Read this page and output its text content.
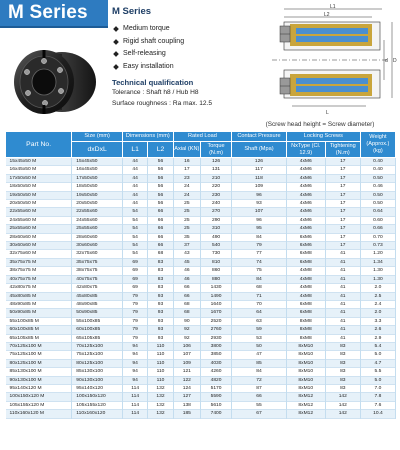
M Series	M Series
Medium torque
Rigid shaft coupling
Self-releasing
Easy installation
Technical qualification
Tolerance : Shaft h8 / Hub H8
Surface roughness : Ra max. 12.5
L1
L2
L
D
d
(Screw head height = Screw diameter)
Part No.	Size (mm)	Dimensions (mm)		Rated Load		Contact Pressure	Locking Screws		Weight (Approx.) (kg)
	dxDxL	L1	L2	Axial (KN)	Torque (N.m)	Shaft (Mpa)	NxType (Cl. 12.9)	Tightening (N.m)	
15x45x50 M	15x45x50	44	56	16	126	126	4xM6	17	0.40
16x45x50 M	16x45x50	44	56	17	131	117	4xM6	17	0.40
17x50x50 M	17x50x50	44	56	23	210	118	4xM6	17	0.50
18x50x50 M	18x50x50	44	56	24	220	109	4xM6	17	0.46
19x50x50 M	19x50x50	44	56	24	230	96	4xM6	17	0.50
20x50x50 M	20x50x50	44	56	25	240	93	4xM6	17	0.50
22x55x60 M	22x55x60	54	66	25	270	107	4xM6	17	0.64
24x55x60 M	24x55x60	54	66	25	290	96	4xM6	17	0.60
25x55x60 M	25x55x60	54	66	25	310	95	4xM6	17	0.66
28x60x60 M	28x60x60	54	66	35	490	84	6xM6	17	0.70
30x60x60 M	30x60x60	54	66	37	540	79	6xM6	17	0.73
32x75x60 M	32x75x60	54	68	43	730	77	6xM8	41	1.20
35x75x75 M	35x75x75	69	83	45	810	74	6xM8	41	1.34
38x75x75 M	38x75x75	69	83	46	860	75	4xM8	41	1.30
40x75x75 M	40x75x75	69	83	46	880	84	4xM8	41	1.30
42x80x75 M	42x80x75	69	83	66	1430	68	4xM8	41	2.0
45x80x85 M	45x80x85	79	93	66	1490	71	4xM8	41	2.5
48x90x85 M	48x90x85	79	93	68	1640	70	6xM8	41	2.4
50x90x85 M	50x90x85	79	93	68	1670	64	6xM8	41	2.0
55x100x85 M	55x100x85	79	93	90	2520	63	8xM8	41	3.3
60x100x85 M	60x100x85	79	93	92	2760	59	8xM8	41	2.6
65x105x85 M	65x105x85	79	93	92	2930	53	8xM8	41	2.9
70x125x100 M	70x125x100	94	110	106	3800	50	8xM10	83	5.4
75x125x100 M	75x125x100	94	110	107	3850	47	8xM10	83	5.0
80x125x100 M	80x125x100	94	110	109	4030	85	8xM10	83	4.7
85x130x100 M	85x130x100	94	110	121	4260	84	8xM10	83	5.5
90x130x100 M	90x130x100	94	110	122	4820	72	8xM10	83	5.0
95x140x120 M	95x140x120	114	132	124	5170	87	8xM10	83	7.0
100x150x120 M	100x150x120	114	132	127	5590	66	8xM12	142	7.8
105x155x120 M	105x155x120	114	132	138	5610	55	8xM12	142	7.6
110x160x120 M	110x160x120	114	132	185	7400	67	8xM12	142	10.4
